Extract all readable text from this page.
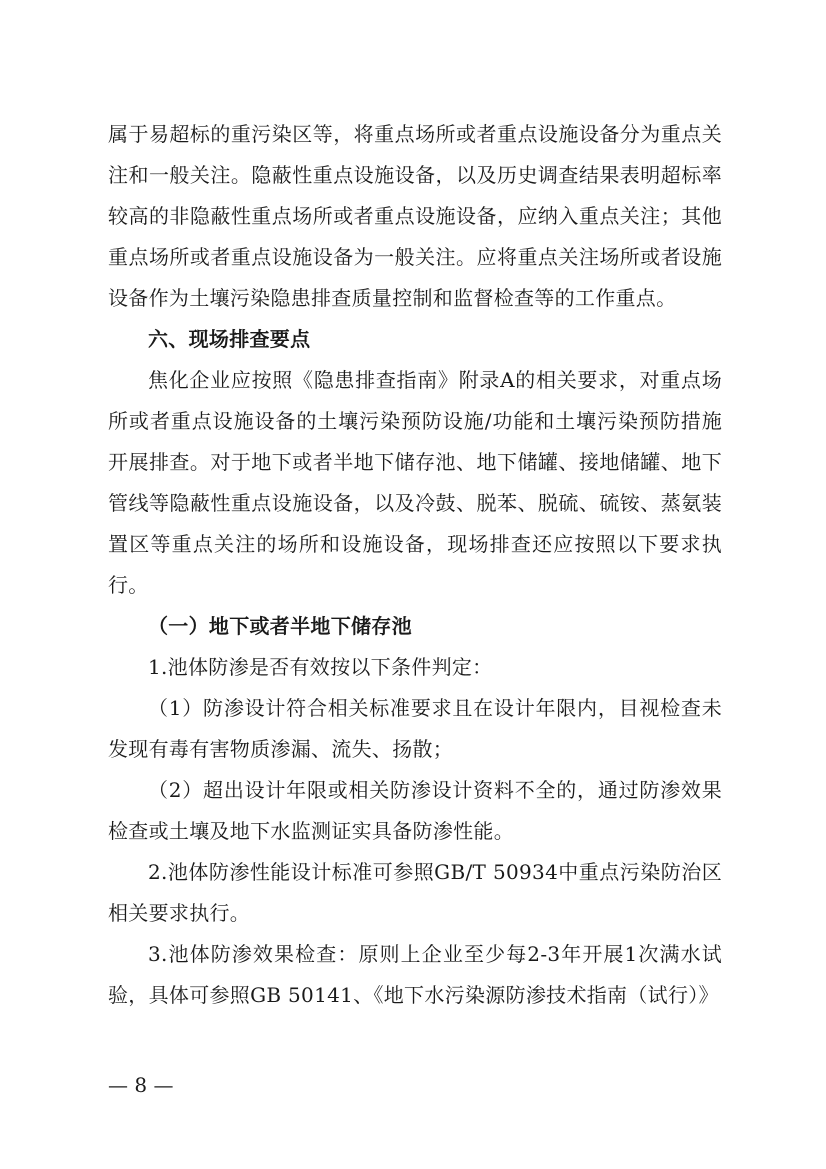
属于易超标的重污染区等，将重点场所或者重点设施设备分为重点关注和一般关注。隐蔽性重点设施设备，以及历史调查结果表明超标率较高的非隐蔽性重点场所或者重点设施设备，应纳入重点关注；其他重点场所或者重点设施设备为一般关注。应将重点关注场所或者设施设备作为土壤污染隐患排查质量控制和监督检查等的工作重点。

六、现场排查要点

焦化企业应按照《隐患排查指南》附录A的相关要求，对重点场所或者重点设施设备的土壤污染预防设施/功能和土壤污染预防措施开展排查。对于地下或者半地下储存池、地下储罐、接地储罐、地下管线等隐蔽性重点设施设备，以及冷鼓、脱苯、脱硫、硫铵、蒸氨装置区等重点关注的场所和设施设备，现场排查还应按照以下要求执行。

（一）地下或者半地下储存池

1.池体防渗是否有效按以下条件判定：

（1）防渗设计符合相关标准要求且在设计年限内，目视检查未发现有毒有害物质渗漏、流失、扬散；

（2）超出设计年限或相关防渗设计资料不全的，通过防渗效果检查或土壤及地下水监测证实具备防渗性能。

2.池体防渗性能设计标准可参照GB/T 50934中重点污染防治区相关要求执行。

3.池体防渗效果检查：原则上企业至少每2-3年开展1次满水试验，具体可参照GB 50141、《地下水污染源防渗技术指南（试行）》

— 8 —
